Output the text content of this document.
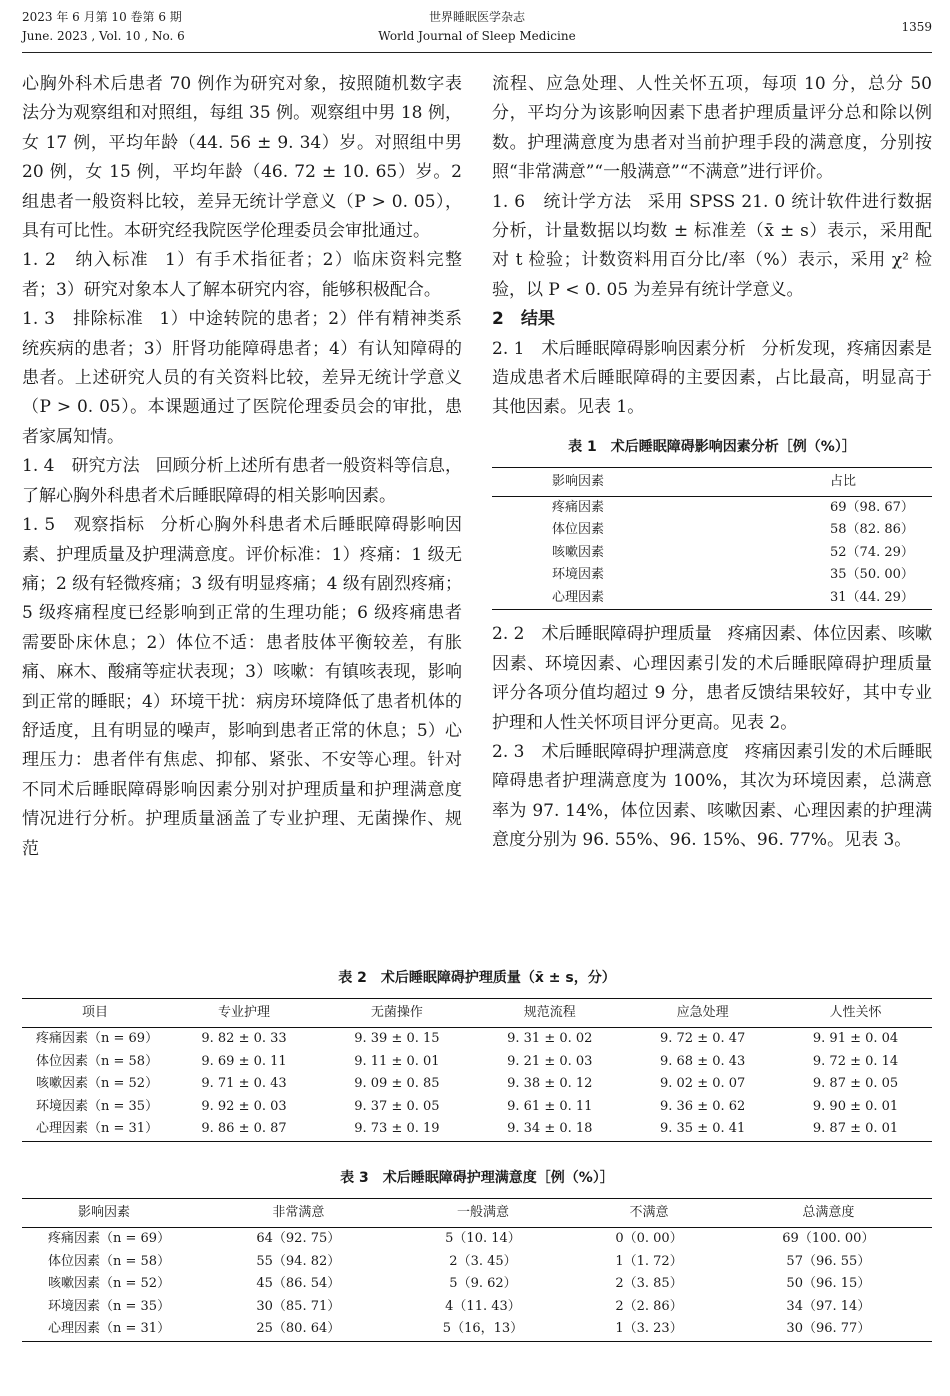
2023 年 6 月第 10 卷第 6 期
June. 2023 , Vol. 10 , No. 6
世界睡眠医学杂志
World Journal of Sleep Medicine
1359

心胸外科术后患者 70 例作为研究对象，按照随机数字表法分为观察组和对照组，每组 35 例。观察组中男 18 例，女 17 例，平均年龄（44. 56 ± 9. 34）岁。对照组中男 20 例，女 15 例，平均年龄（46. 72 ± 10. 65）岁。2 组患者一般资料比较，差异无统计学意义（P > 0. 05），具有可比性。本研究经我院医学伦理委员会审批通过。

1. 2　纳入标准 1）有手术指征者；2）临床资料完整者；3）研究对象本人了解本研究内容，能够积极配合。

1. 3　排除标准 1）中途转院的患者；2）伴有精神类系统疾病的患者；3）肝肾功能障碍患者；4）有认知障碍的患者。上述研究人员的有关资料比较，差异无统计学意义（P > 0. 05）。本课题通过了医院伦理委员会的审批，患者家属知情。

1. 4　研究方法 回顾分析上述所有患者一般资料等信息，了解心胸外科患者术后睡眠障碍的相关影响因素。

1. 5　观察指标 分析心胸外科患者术后睡眠障碍影响因素、护理质量及护理满意度。评价标准：1）疼痛：1 级无痛；2 级有轻微疼痛；3 级有明显疼痛；4 级有剧烈疼痛；5 级疼痛程度已经影响到正常的生理功能；6 级疼痛患者需要卧床休息；2）体位不适：患者肢体平衡较差，有胀痛、麻木、酸痛等症状表现；3）咳嗽：有镇咳表现，影响到正常的睡眠；4）环境干扰：病房环境降低了患者机体的舒适度，且有明显的噪声，影响到患者正常的休息；5）心理压力：患者伴有焦虑、抑郁、紧张、不安等心理。针对不同术后睡眠障碍影响因素分别对护理质量和护理满意度情况进行分析。护理质量涵盖了专业护理、无菌操作、规范

流程、应急处理、人性关怀五项，每项 10 分，总分 50 分，平均分为该影响因素下患者护理质量评分总和除以例数。护理满意度为患者对当前护理手段的满意度，分别按照“非常满意”“一般满意”“不满意”进行评价。

1. 6　统计学方法 采用 SPSS 21. 0 统计软件进行数据分析，计量数据以均数 ± 标准差（x̄ ± s）表示，采用配对 t 检验；计数资料用百分比/率（%）表示，采用 χ² 检验，以 P < 0. 05 为差异有统计学意义。

2　结果

2. 1　术后睡眠障碍影响因素分析 分析发现，疼痛因素是造成患者术后睡眠障碍的主要因素，占比最高，明显高于其他因素。见表 1。

表 1 术后睡眠障碍影响因素分析［例（%）］
影响因素	占比
疼痛因素	69（98. 67）
体位因素	58（82. 86）
咳嗽因素	52（74. 29）
环境因素	35（50. 00）
心理因素	31（44. 29）

2. 2　术后睡眠障碍护理质量 疼痛因素、体位因素、咳嗽因素、环境因素、心理因素引发的术后睡眠障碍护理质量评分各项分值均超过 9 分，患者反馈结果较好，其中专业护理和人性关怀项目评分更高。见表 2。

2. 3　术后睡眠障碍护理满意度 疼痛因素引发的术后睡眠障碍患者护理满意度为 100%，其次为环境因素，总满意率为 97. 14%，体位因素、咳嗽因素、心理因素的护理满意度分别为 96. 55%、96. 15%、96. 77%。见表 3。

表 2 术后睡眠障碍护理质量（x̄ ± s，分）
项目	专业护理	无菌操作	规范流程	应急处理	人性关怀
疼痛因素（n = 69）	9. 82 ± 0. 33	9. 39 ± 0. 15	9. 31 ± 0. 02	9. 72 ± 0. 47	9. 91 ± 0. 04
体位因素（n = 58）	9. 69 ± 0. 11	9. 11 ± 0. 01	9. 21 ± 0. 03	9. 68 ± 0. 43	9. 72 ± 0. 14
咳嗽因素（n = 52）	9. 71 ± 0. 43	9. 09 ± 0. 85	9. 38 ± 0. 12	9. 02 ± 0. 07	9. 87 ± 0. 05
环境因素（n = 35）	9. 92 ± 0. 03	9. 37 ± 0. 05	9. 61 ± 0. 11	9. 36 ± 0. 62	9. 90 ± 0. 01
心理因素（n = 31）	9. 86 ± 0. 87	9. 73 ± 0. 19	9. 34 ± 0. 18	9. 35 ± 0. 41	9. 87 ± 0. 01
表 3 术后睡眠障碍护理满意度［例（%）］
影响因素	非常满意	一般满意	不满意	总满意度
疼痛因素（n = 69）	64（92. 75）	5（10. 14）	0（0. 00）	69（100. 00）
体位因素（n = 58）	55（94. 82）	2（3. 45）	1（1. 72）	57（96. 55）
咳嗽因素（n = 52）	45（86. 54）	5（9. 62）	2（3. 85）	50（96. 15）
环境因素（n = 35）	30（85. 71）	4（11. 43）	2（2. 86）	34（97. 14）
心理因素（n = 31）	25（80. 64）	5（16，13）	1（3. 23）	30（96. 77）
